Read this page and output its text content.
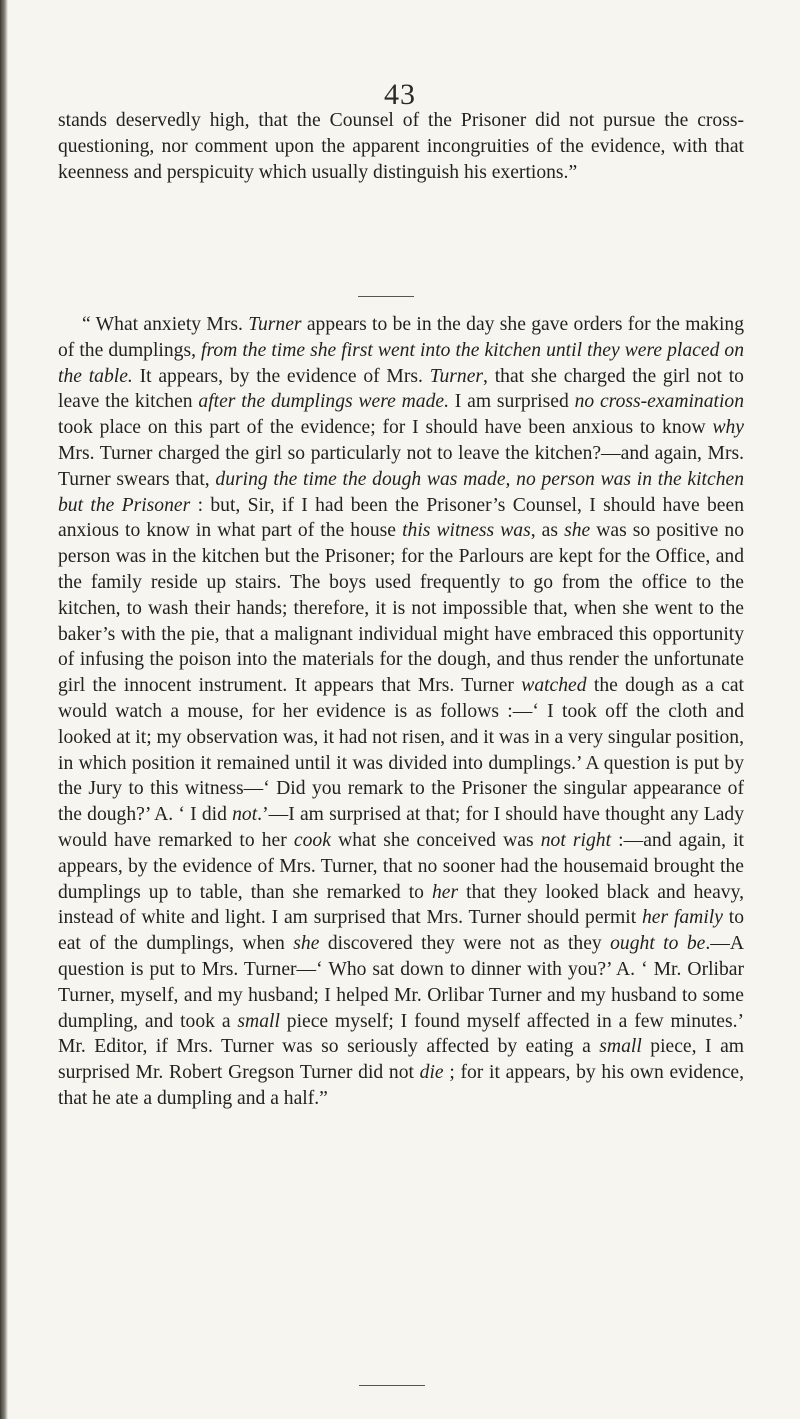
43

stands deservedly high, that the Counsel of the Prisoner did not pursue the cross-questioning, nor comment upon the apparent incongruities of the evidence, with that keenness and perspicuity which usually distinguish his exertions.”

“ What anxiety Mrs. Turner appears to be in the day she gave orders for the making of the dumplings, from the time she first went into the kitchen until they were placed on the table. It appears, by the evidence of Mrs. Turner, that she charged the girl not to leave the kitchen after the dumplings were made. I am surprised no cross-examination took place on this part of the evidence; for I should have been anxious to know why Mrs. Turner charged the girl so particularly not to leave the kitchen?—and again, Mrs. Turner swears that, during the time the dough was made, no person was in the kitchen but the Prisoner : but, Sir, if I had been the Prisoner’s Counsel, I should have been anxious to know in what part of the house this witness was, as she was so positive no person was in the kitchen but the Prisoner; for the Parlours are kept for the Office, and the family reside up stairs. The boys used frequently to go from the office to the kitchen, to wash their hands; therefore, it is not impossible that, when she went to the baker’s with the pie, that a malignant individual might have embraced this opportunity of infusing the poison into the materials for the dough, and thus render the unfortunate girl the innocent instrument. It appears that Mrs. Turner watched the dough as a cat would watch a mouse, for her evidence is as follows :—‘ I took off the cloth and looked at it; my observation was, it had not risen, and it was in a very singular position, in which position it remained until it was divided into dumplings.’ A question is put by the Jury to this witness—‘ Did you remark to the Prisoner the singular appearance of the dough?’ A. ‘ I did not.’—I am surprised at that; for I should have thought any Lady would have remarked to her cook what she conceived was not right :—and again, it appears, by the evidence of Mrs. Turner, that no sooner had the housemaid brought the dumplings up to table, than she remarked to her that they looked black and heavy, instead of white and light. I am surprised that Mrs. Turner should permit her family to eat of the dumplings, when she discovered they were not as they ought to be.—A question is put to Mrs. Turner—‘ Who sat down to dinner with you?’ A. ‘ Mr. Orlibar Turner, myself, and my husband; I helped Mr. Orlibar Turner and my husband to some dumpling, and took a small piece myself; I found myself affected in a few minutes.’ Mr. Editor, if Mrs. Turner was so seriously affected by eating a small piece, I am surprised Mr. Robert Gregson Turner did not die ; for it appears, by his own evidence, that he ate a dumpling and a half.”
